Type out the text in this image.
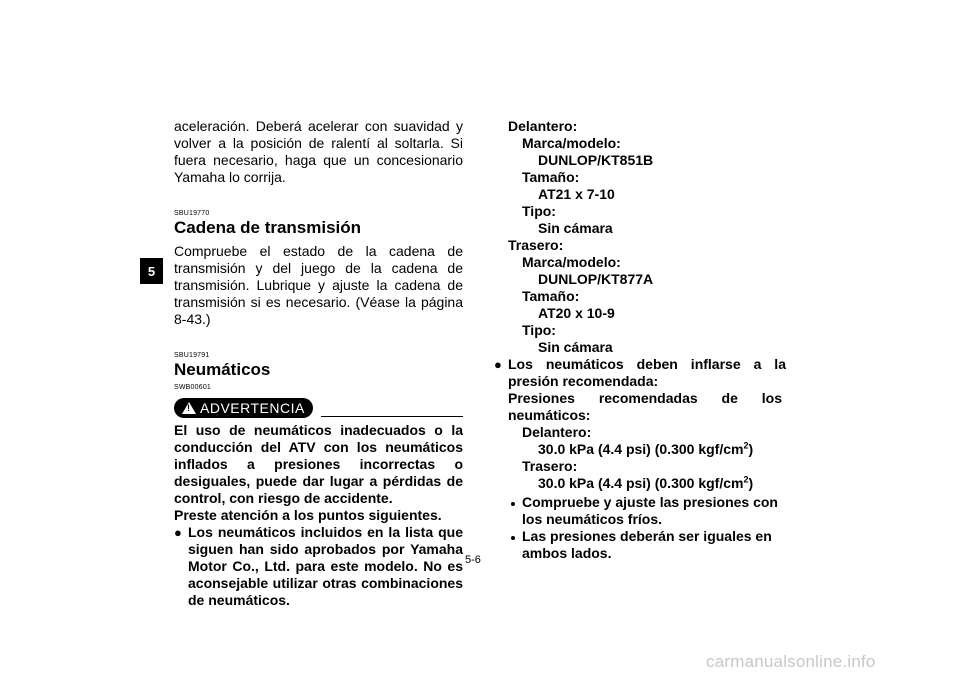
5

aceleración. Deberá acelerar con suavidad y volver a la posición de ralentí al soltarla. Si fuera necesario, haga que un concesionario Yamaha lo corrija.

SBU19770

Cadena de transmisión

Compruebe el estado de la cadena de transmisión y del juego de la cadena de transmisión. Lubrique y ajuste la cadena de transmisión si es necesario. (Véase la página 8-43.)

SBU19791

Neumáticos

SWB00601

! ADVERTENCIA

El uso de neumáticos inadecuados o la conducción del ATV con los neumáticos inflados a presiones incorrectas o desiguales, puede dar lugar a pérdidas de control, con riesgo de accidente.

Preste atención a los puntos siguientes.

● Los neumáticos incluidos en la lista que siguen han sido aprobados por Yamaha Motor Co., Ltd. para este modelo. No es aconsejable utilizar otras combinaciones de neumáticos.

Delantero:
Marca/modelo:
DUNLOP/KT851B
Tamaño:
AT21 x 7-10
Tipo:
Sin cámara
Trasero:
Marca/modelo:
DUNLOP/KT877A
Tamaño:
AT20 x 10-9
Tipo:
Sin cámara

● Los neumáticos deben inflarse a la presión recomendada:

Presiones recomendadas de los neumáticos:

Delantero:
30.0 kPa (4.4 psi) (0.300 kgf/$cm^2$)
Trasero:
30.0 kPa (4.4 psi) (0.300 kgf/$cm^2$)

Compruebe y ajuste las presiones con los neumáticos fríos.

Las presiones deberán ser iguales en ambos lados.

5-6
carmanualsonline.info
